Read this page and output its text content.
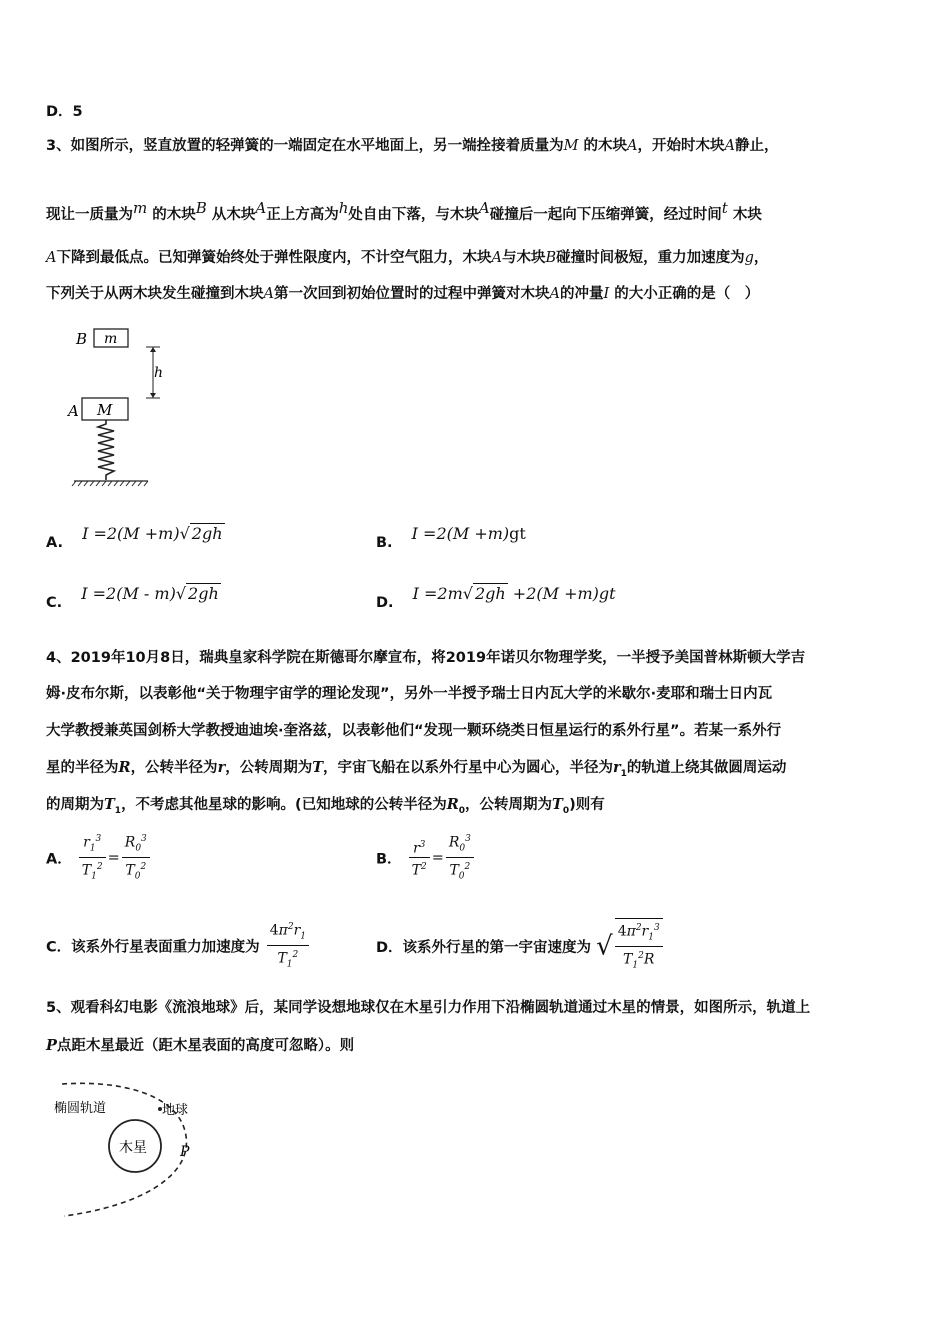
D．5
3、如图所示，竖直放置的轻弹簧的一端固定在水平地面上，另一端拴接着质量为M 的木块A，开始时木块A静止，
现让一质量为$^m$ 的木块$^B$ 从木块$^A$正上方高为$^h$处自由下落，与木块$^A$碰撞后一起向下压缩弹簧，经过时间$^t$ 木块
A下降到最低点。已知弹簧始终处于弹性限度内，不计空气阻力，木块A与木块B碰撞时间极短，重力加速度为g，
下列关于从两木块发生碰撞到木块A第一次回到初始位置时的过程中弹簧对木块A的冲量I 的大小正确的是（　）
B m
h
A M
A. I =2(M +m)√ 2gh	B. I =2(M +m)gt
C. I =2(M - m)√ 2gh	D. I =2m√ 2gh +2(M +m)gt
4、2019年10月8日，瑞典皇家科学院在斯德哥尔摩宣布，将2019年诺贝尔物理学奖，一半授予美国普林斯顿大学吉
姆·皮布尔斯，以表彰他“关于物理宇宙学的理论发现”，另外一半授予瑞士日内瓦大学的米歇尔·麦耶和瑞士日内瓦
大学教授兼英国剑桥大学教授迪迪埃·奎洛兹，以表彰他们“发现一颗环绕类日恒星运行的系外行星”。若某一系外行
星的半径为R，公转半径为r，公转周期为T，宇宙飞船在以系外行星中心为圆心，半径为$r_1$的轨道上绕其做圆周运动
的周期为$T_1$，不考虑其他星球的影响。(已知地球的公转半径为$R_0$，公转周期为$T_0$)则有
A． $\frac{r_1^3}{T_1^2} = \frac{R_0^3}{T_0^2}$	B． $\frac{r^3}{T^2} = \frac{R_0^3}{T_0^2}$
C．该系外行星表面重力加速度为 $\frac{4\pi^2r_1}{T_1^2}$	D．该系外行星的第一宇宙速度为 √ $\frac{4\pi^2r_1^3}{T_1^2R}$
5、观看科幻电影《流浪地球》后，某同学设想地球仅在木星引力作用下沿椭圆轨道通过木星的情景，如图所示，轨道上
P点距木星最近（距木星表面的高度可忽略）。则
木星
椭圆轨道	地球
P
